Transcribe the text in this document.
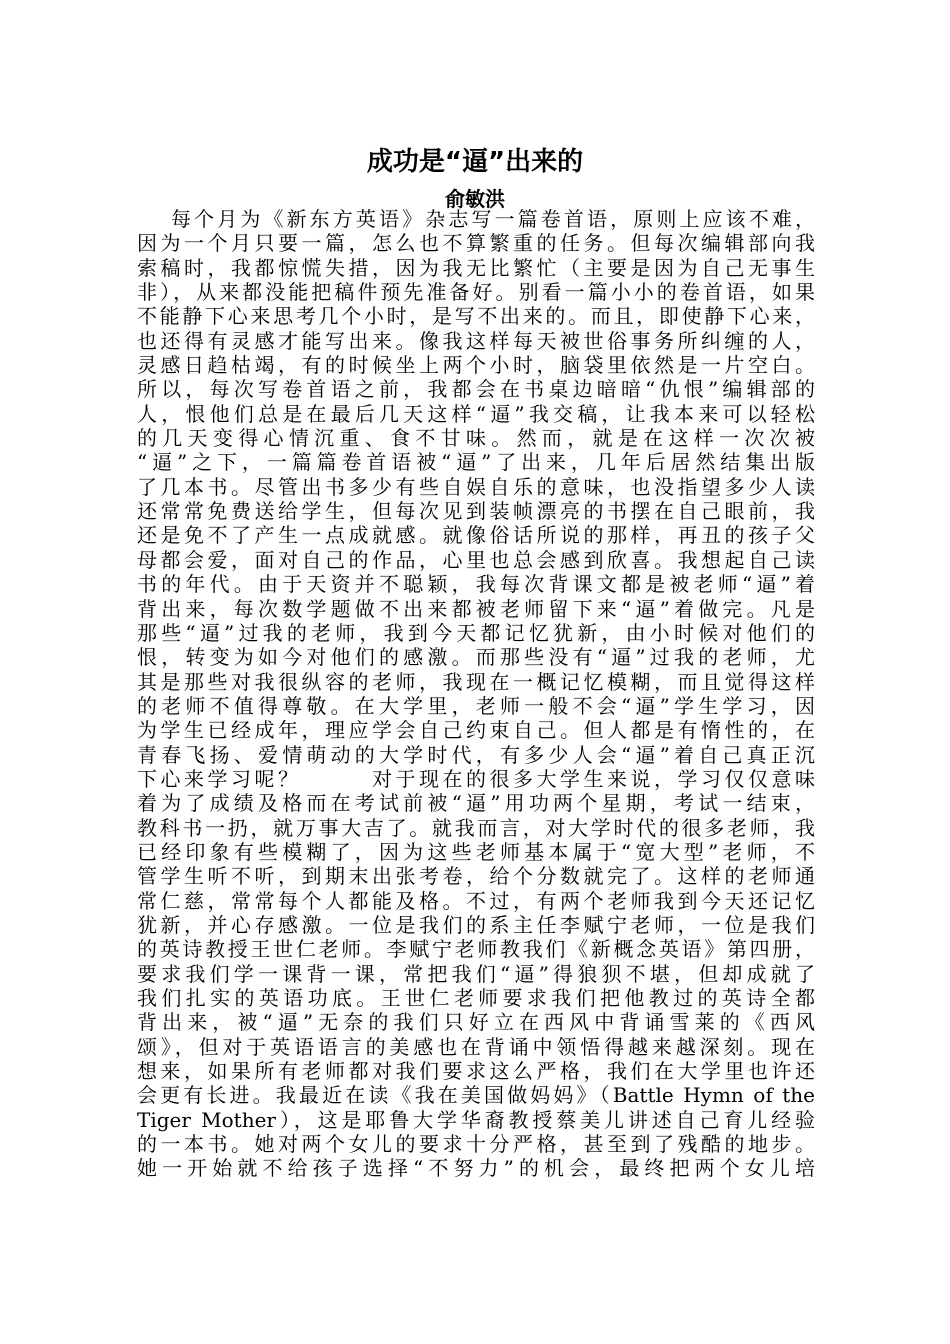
成功是“逼”出来的
俞敏洪
每个月为《新东方英语》杂志写一篇卷首语，原则上应该不难，
因为一个月只要一篇，怎么也不算繁重的任务。但每次编辑部向我
索稿时，我都惊慌失措，因为我无比繁忙（主要是因为自己无事生
非），从来都没能把稿件预先准备好。别看一篇小小的卷首语，如果
不能静下心来思考几个小时，是写不出来的。而且，即使静下心来，
也还得有灵感才能写出来。像我这样每天被世俗事务所纠缠的人，
灵感日趋枯竭，有的时候坐上两个小时，脑袋里依然是一片空白。
所以，每次写卷首语之前，我都会在书桌边暗暗“仇恨”编辑部的
人，恨他们总是在最后几天这样“逼”我交稿，让我本来可以轻松
的几天变得心情沉重、食不甘味。然而，就是在这样一次次被
“逼”之下，一篇篇卷首语被“逼”了出来，几年后居然结集出版
了几本书。尽管出书多少有些自娱自乐的意味，也没指望多少人读
还常常免费送给学生，但每次见到装帧漂亮的书摆在自己眼前，我
还是免不了产生一点成就感。就像俗话所说的那样，再丑的孩子父
母都会爱，面对自己的作品，心里也总会感到欣喜。我想起自己读
书的年代。由于天资并不聪颖，我每次背课文都是被老师“逼”着
背出来，每次数学题做不出来都被老师留下来“逼”着做完。凡是
那些“逼”过我的老师，我到今天都记忆犹新，由小时候对他们的
恨，转变为如今对他们的感激。而那些没有“逼”过我的老师，尤
其是那些对我很纵容的老师，我现在一概记忆模糊，而且觉得这样
的老师不值得尊敬。在大学里，老师一般不会“逼”学生学习，因
为学生已经成年，理应学会自己约束自己。但人都是有惰性的，在
青春飞扬、爱情萌动的大学时代，有多少人会“逼”着自己真正沉
下心来学习呢？　　　对于现在的很多大学生来说，学习仅仅意味
着为了成绩及格而在考试前被“逼”用功两个星期，考试一结束，
教科书一扔，就万事大吉了。就我而言，对大学时代的很多老师，我
已经印象有些模糊了，因为这些老师基本属于“宽大型”老师，不
管学生听不听，到期末出张考卷，给个分数就完了。这样的老师通
常仁慈，常常每个人都能及格。不过，有两个老师我到今天还记忆
犹新，并心存感激。一位是我们的系主任李赋宁老师，一位是我们
的英诗教授王世仁老师。李赋宁老师教我们《新概念英语》第四册，
要求我们学一课背一课，常把我们“逼”得狼狈不堪，但却成就了
我们扎实的英语功底。王世仁老师要求我们把他教过的英诗全都
背出来，被“逼”无奈的我们只好立在西风中背诵雪莱的《西风
颂》，但对于英语语言的美感也在背诵中领悟得越来越深刻。现在
想来，如果所有老师都对我们要求这么严格，我们在大学里也许还
会更有长进。我最近在读《我在美国做妈妈》（Battle Hymn of the
Tiger Mother），这是耶鲁大学华裔教授蔡美儿讲述自己育儿经验
的一本书。她对两个女儿的要求十分严格，甚至到了残酷的地步。
她一开始就不给孩子选择“不努力”的机会，最终把两个女儿培
